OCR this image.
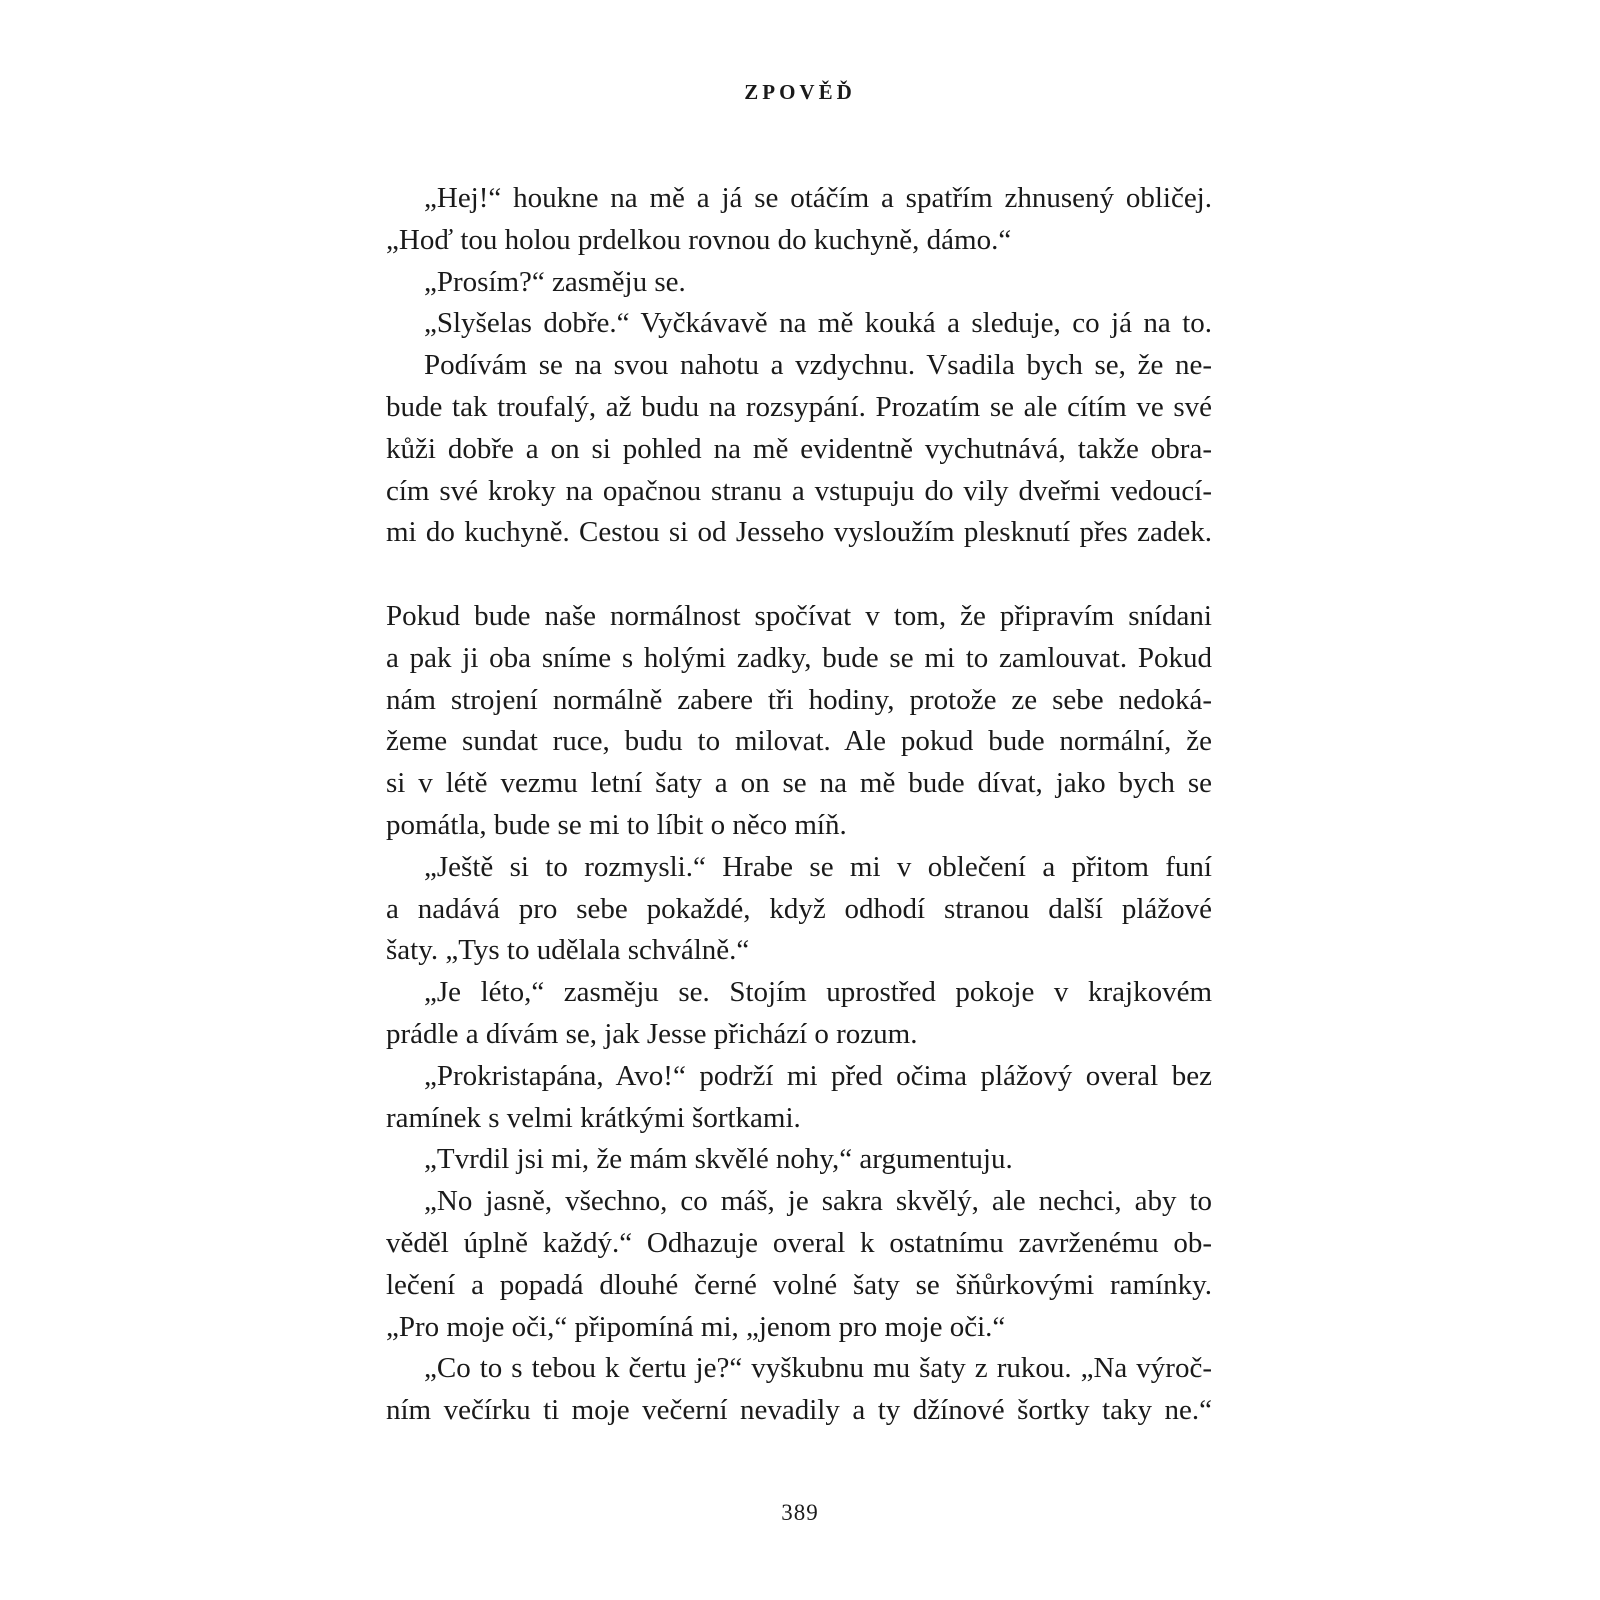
ZPOVĚĎ
„Hej!“ houkne na mě a já se otáčím a spatřím zhnusený obličej.
„Hoď tou holou prdelkou rovnou do kuchyně, dámo.“
„Prosím?“ zasměju se.
„Slyšelas dobře.“ Vyčkávavě na mě kouká a sleduje, co já na to.
Podívám se na svou nahotu a vzdychnu. Vsadila bych se, že ne-
bude tak troufalý, až budu na rozsypání. Prozatím se ale cítím ve své
kůži dobře a on si pohled na mě evidentně vychutnává, takže obra-
cím své kroky na opačnou stranu a vstupuju do vily dveřmi vedoucí-
mi do kuchyně. Cestou si od Jesseho vysloužím plesknutí přes zadek.
Pokud bude naše normálnost spočívat v tom, že připravím snídani
a pak ji oba sníme s holými zadky, bude se mi to zamlouvat. Pokud
nám strojení normálně zabere tři hodiny, protože ze sebe nedoká-
žeme sundat ruce, budu to milovat. Ale pokud bude normální, že
si v létě vezmu letní šaty a on se na mě bude dívat, jako bych se
pomátla, bude se mi to líbit o něco míň.
„Ještě si to rozmysli.“ Hrabe se mi v oblečení a přitom funí
a nadává pro sebe pokaždé, když odhodí stranou další plážové
šaty. „Tys to udělala schválně.“
„Je léto,“ zasměju se. Stojím uprostřed pokoje v krajkovém
prádle a dívám se, jak Jesse přichází o rozum.
„Prokristapána, Avo!“ podrží mi před očima plážový overal bez
ramínek s velmi krátkými šortkami.
„Tvrdil jsi mi, že mám skvělé nohy,“ argumentuju.
„No jasně, všechno, co máš, je sakra skvělý, ale nechci, aby to
věděl úplně každý.“ Odhazuje overal k ostatnímu zavrženému ob-
lečení a popadá dlouhé černé volné šaty se šňůrkovými ramínky.
„Pro moje oči,“ připomíná mi, „jenom pro moje oči.“
„Co to s tebou k čertu je?“ vyškubnu mu šaty z rukou. „Na výroč-
ním večírku ti moje večerní nevadily a ty džínové šortky taky ne.“
389
